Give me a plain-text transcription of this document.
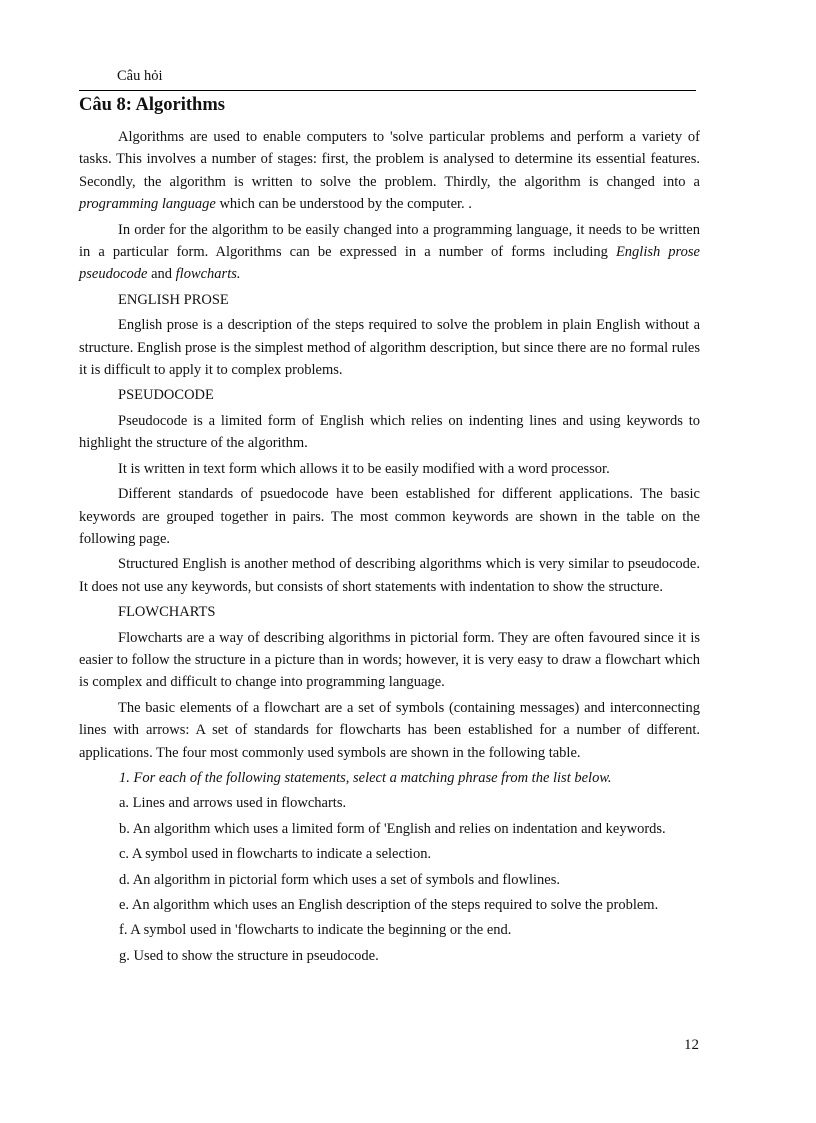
Câu hỏi
Câu 8: Algorithms

Algorithms are used to enable computers to 'solve particular problems and perform a variety of tasks. This involves a number of stages: first, the problem is analysed to determine its essential features. Secondly, the algorithm is written to solve the problem. Thirdly, the algorithm is changed into a programming language which can be understood by the computer. .

In order for the algorithm to be easily changed into a programming language, it needs to be written in a particular form. Algorithms can be expressed in a number of forms including English prose pseudocode and flowcharts.

ENGLISH PROSE

English prose is a description of the steps required to solve the problem in plain English without a structure. English prose is the simplest method of algorithm description, but since there are no formal rules it is difficult to apply it to complex problems.

PSEUDOCODE

Pseudocode is a limited form of English which relies on indenting lines and using keywords to highlight the structure of the algorithm.

It is written in text form which allows it to be easily modified with a word processor.

Different standards of psuedocode have been established for different applications. The basic keywords are grouped together in pairs. The most common keywords are shown in the table on the following page.

Structured English is another method of describing algorithms which is very similar to pseudocode. It does not use any keywords, but consists of short statements with indentation to show the structure.

FLOWCHARTS

Flowcharts are a way of describing algorithms in pictorial form. They are often favoured since it is easier to follow the structure in a picture than in words; however, it is very easy to draw a flowchart which is complex and difficult to change into programming language.

The basic elements of a flowchart are a set of symbols (containing messages) and interconnecting lines with arrows: A set of standards for flowcharts has been established for a number of different. applications. The four most commonly used symbols are shown in the following table.

1. For each of the following statements, select a matching phrase from the list below.

a. Lines and arrows used in flowcharts.

b. An algorithm which uses a limited form of 'English and relies on indentation and keywords.

c. A symbol used in flowcharts to indicate a selection.

d. An algorithm in pictorial form which uses a set of symbols and flowlines.

e. An algorithm which uses an English description of the steps required to solve the problem.

f. A symbol used in 'flowcharts to indicate the beginning or the end.

g. Used to show the structure in pseudocode.

12
